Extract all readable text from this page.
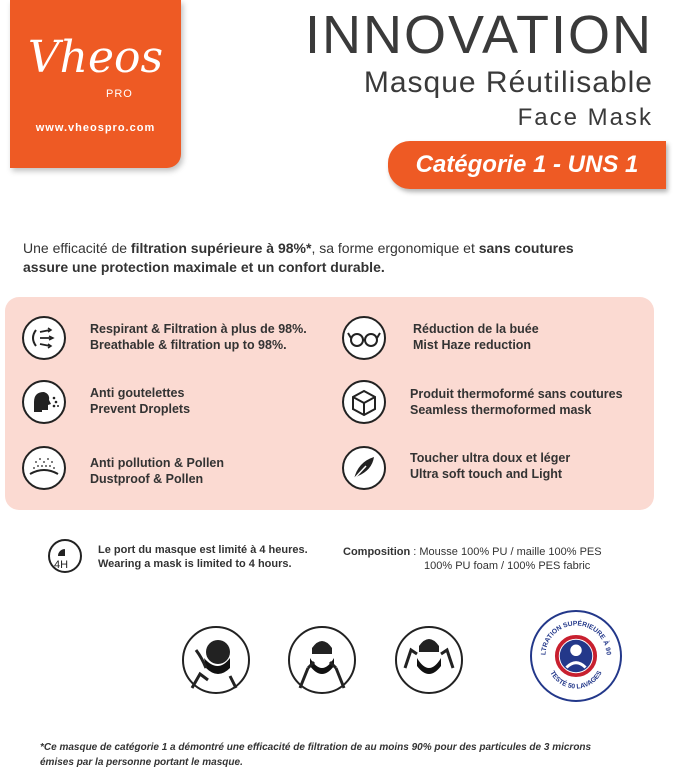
Vheos
PRO
www.vheospro.com
INNOVATION
Masque Réutilisable
Face Mask
Catégorie 1 - UNS 1
Une efficacité de filtration supérieure à 98%*, sa forme ergonomique et sans coutures
assure une protection maximale et un confort durable.
Respirant & Filtration à plus de 98%.
Breathable & filtration up to 98%.
Réduction de la buée
Mist Haze reduction
Anti goutelettes
Prevent Droplets
Produit thermoformé sans coutures
Seamless thermoformed mask
Anti pollution & Pollen
Dustproof & Pollen
Toucher ultra doux et léger
Ultra soft touch and Light
4H
Le port du masque est limité à 4 heures.
Wearing a mask is limited to 4 hours.
Composition : Mousse 100% PU / maille 100% PES
100% PU foam / 100% PES fabric
LTRATION SUPÉRIEURE À 90
TESTÉ 50 LAVAGES
*Ce masque de catégorie 1 a démontré une efficacité de filtration de au moins 90% pour des particules de 3 microns
émises par la personne portant le masque.
